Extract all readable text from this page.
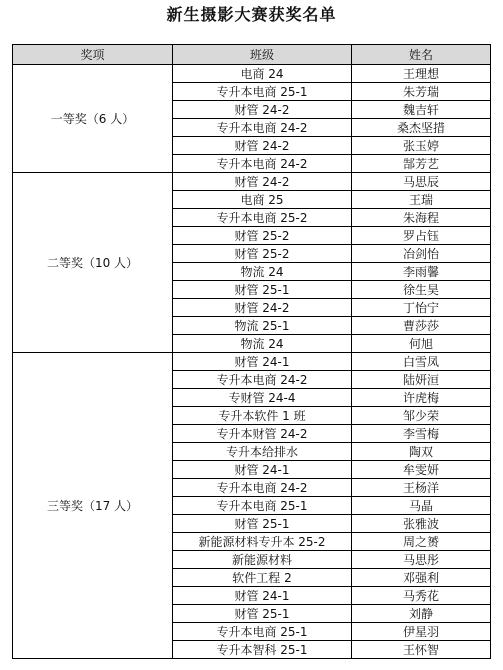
新生摄影大赛获奖名单
奖项	班级	姓名
一等奖（6 人）	电商 24	王理想
	专升本电商 25-1	朱芳瑞
	财管 24-2	魏吉轩
	专升本电商 24-2	桑杰坚措
	财管 24-2	张玉婷
	专升本电商 24-2	郜芳艺
二等奖（10 人）	财管 24-2	马思辰
	电商 25	王瑞
	专升本电商 25-2	朱海程
	财管 25-2	罗占钰
	财管 25-2	冶剑怡
	物流 24	李雨馨
	财管 25-1	徐生昊
	财管 24-2	丁怡宁
	物流 25-1	曹莎莎
	物流 24	何旭
三等奖（17 人）	财管 24-1	白雪凤
	专升本电商 24-2	陆妍洹
	专财管 24-4	许虎梅
	专升本软件 1 班	邹少荣
	专升本财管 24-2	李雪梅
	专升本给排水	陶双
	财管 24-1	牟雯妍
	专升本电商 24-2	王杨洋
	专升本电商 25-1	马晶
	财管 25-1	张雅波
	新能源材料专升本 25-2	周之赟
	新能源材料	马思彤
	软件工程 2	邓强利
	财管 24-1	马秀花
	财管 25-1	刘静
	专升本电商 25-1	伊星羽
	专升本智科 25-1	王怀智
